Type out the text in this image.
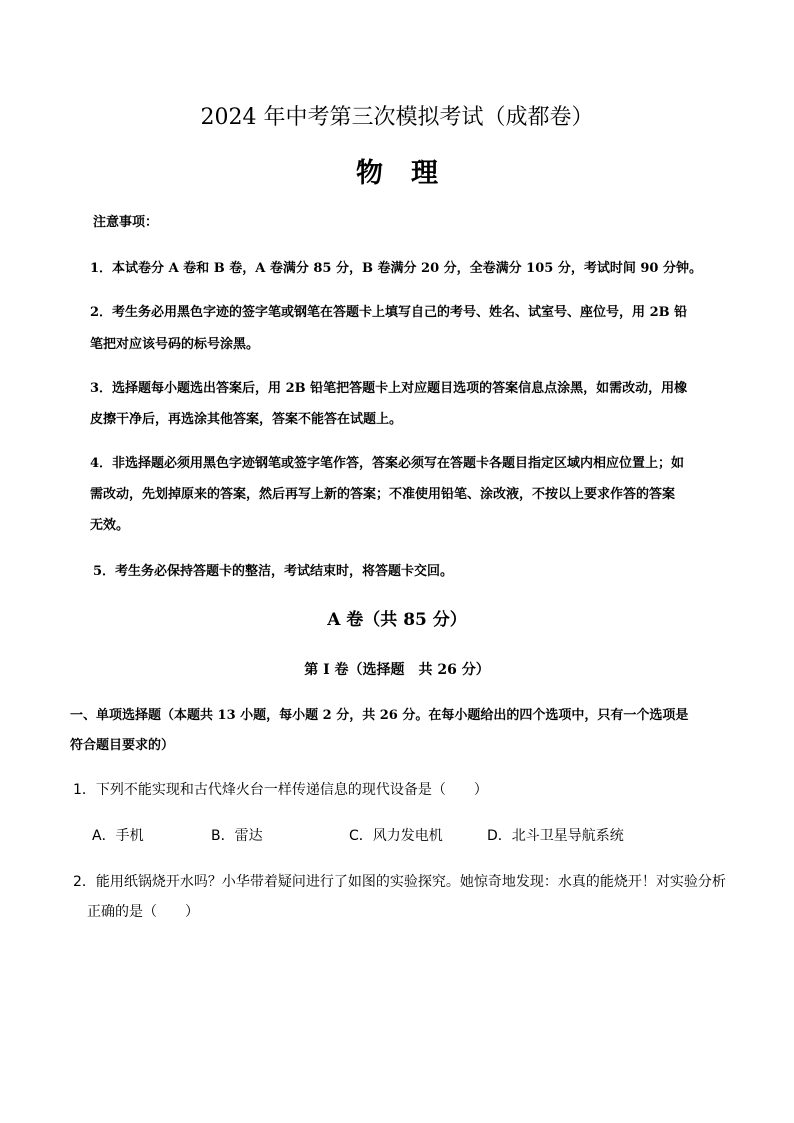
2024 年中考第三次模拟考试（成都卷）
物理
注意事项：
1．本试卷分 A 卷和 B 卷，A 卷满分 85 分，B 卷满分 20 分，全卷满分 105 分，考试时间 90 分钟。
2．考生务必用黑色字迹的签字笔或钢笔在答题卡上填写自己的考号、姓名、试室号、座位号，用 2B 铅
笔把对应该号码的标号涂黑。
3．选择题每小题选出答案后，用 2B 铅笔把答题卡上对应题目选项的答案信息点涂黑，如需改动，用橡
皮擦干净后，再选涂其他答案，答案不能答在试题上。
4．非选择题必须用黑色字迹钢笔或签字笔作答，答案必须写在答题卡各题目指定区域内相应位置上；如
需改动，先划掉原来的答案，然后再写上新的答案；不准使用铅笔、涂改液，不按以上要求作答的答案
无效。
5．考生务必保持答题卡的整洁，考试结束时，将答题卡交回。
A 卷（共 85 分）
第 I 卷（选择题　共 26 分）
一、单项选择题（本题共 13 小题，每小题 2 分，共 26 分。在每小题给出的四个选项中，只有一个选项是
符合题目要求的）
1．下列不能实现和古代烽火台一样传递信息的现代设备是（　　）
A．手机	B．雷达	C．风力发电机	D．北斗卫星导航系统
2．能用纸锅烧开水吗？小华带着疑问进行了如图的实验探究。她惊奇地发现：水真的能烧开！对实验分析
正确的是（　　）
